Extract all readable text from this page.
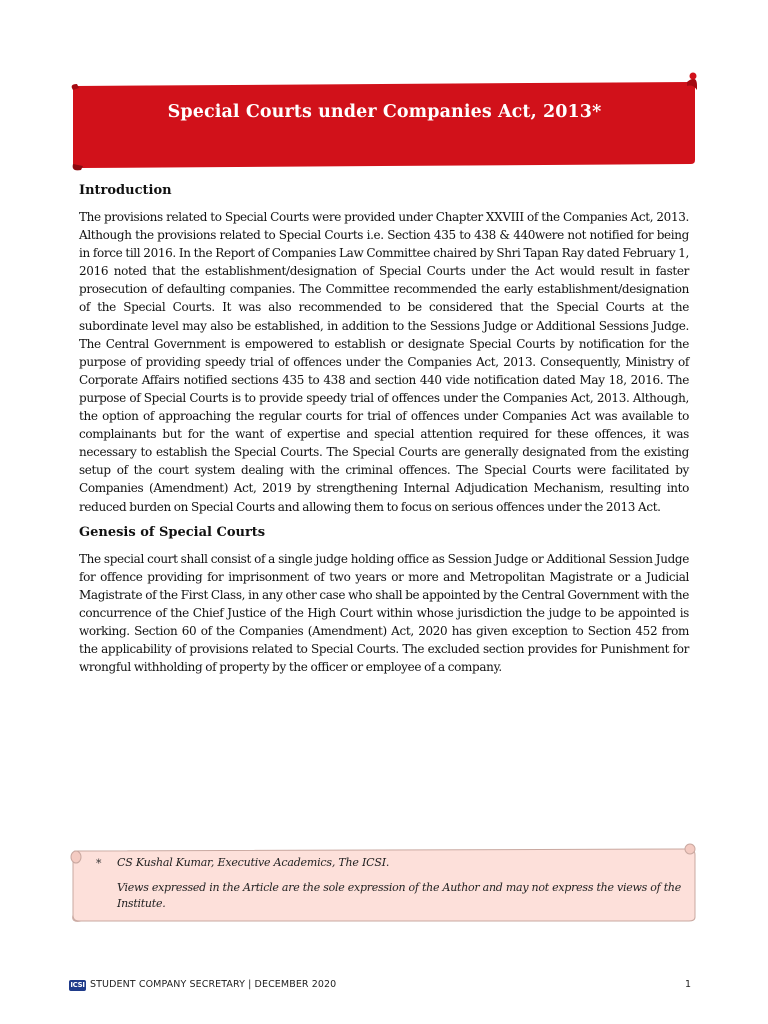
Special Courts under Companies Act, 2013*
Introduction

The provisions related to Special Courts were provided under Chapter XXVIII of the Companies Act, 2013. Although the provisions related to Special Courts i.e. Section 435 to 438 & 440were not notified for being in force till 2016. In the Report of Companies Law Committee chaired by Shri Tapan Ray dated February 1, 2016 noted that the establishment/designation of Special Courts under the Act would result in faster prosecution of defaulting companies. The Committee recommended the early establishment/designation of the Special Courts. It was also recommended to be considered that the Special Courts at the subordinate level may also be established, in addition to the Sessions Judge or Additional Sessions Judge. The Central Government is empowered to establish or designate Special Courts by notification for the purpose of providing speedy trial of offences under the Companies Act, 2013. Consequently, Ministry of Corporate Affairs notified sections 435 to 438 and section 440 vide notification dated May 18, 2016. The purpose of Special Courts is to provide speedy trial of offences under the Companies Act, 2013. Although, the option of approaching the regular courts for trial of offences under Companies Act was available to complainants but for the want of expertise and special attention required for these offences, it was necessary to establish the Special Courts. The Special Courts are generally designated from the existing setup of the court system dealing with the criminal offences. The Special Courts were facilitated by Companies (Amendment) Act, 2019 by strengthening Internal Adjudication Mechanism, resulting into reduced burden on Special Courts and allowing them to focus on serious offences under the 2013 Act.

Genesis of Special Courts

The special court shall consist of a single judge holding office as Session Judge or Additional Session Judge for offence providing for imprisonment of two years or more and Metropolitan Magistrate or a Judicial Magistrate of the First Class, in any other case who shall be appointed by the Central Government with the concurrence of the Chief Justice of the High Court within whose jurisdiction the judge to be appointed is working. Section 60 of the Companies (Amendment) Act, 2020 has given exception to Section 452 from the applicability of provisions related to Special Courts. The excluded section provides for Punishment for wrongful withholding of property by the officer or employee of a company.

* CS Kushal Kumar, Executive Academics, The ICSI.
Views expressed in the Article are the sole expression of the Author and may not express the views of the Institute.
ICSI STUDENT COMPANY SECRETARY | DECEMBER 2020	1
